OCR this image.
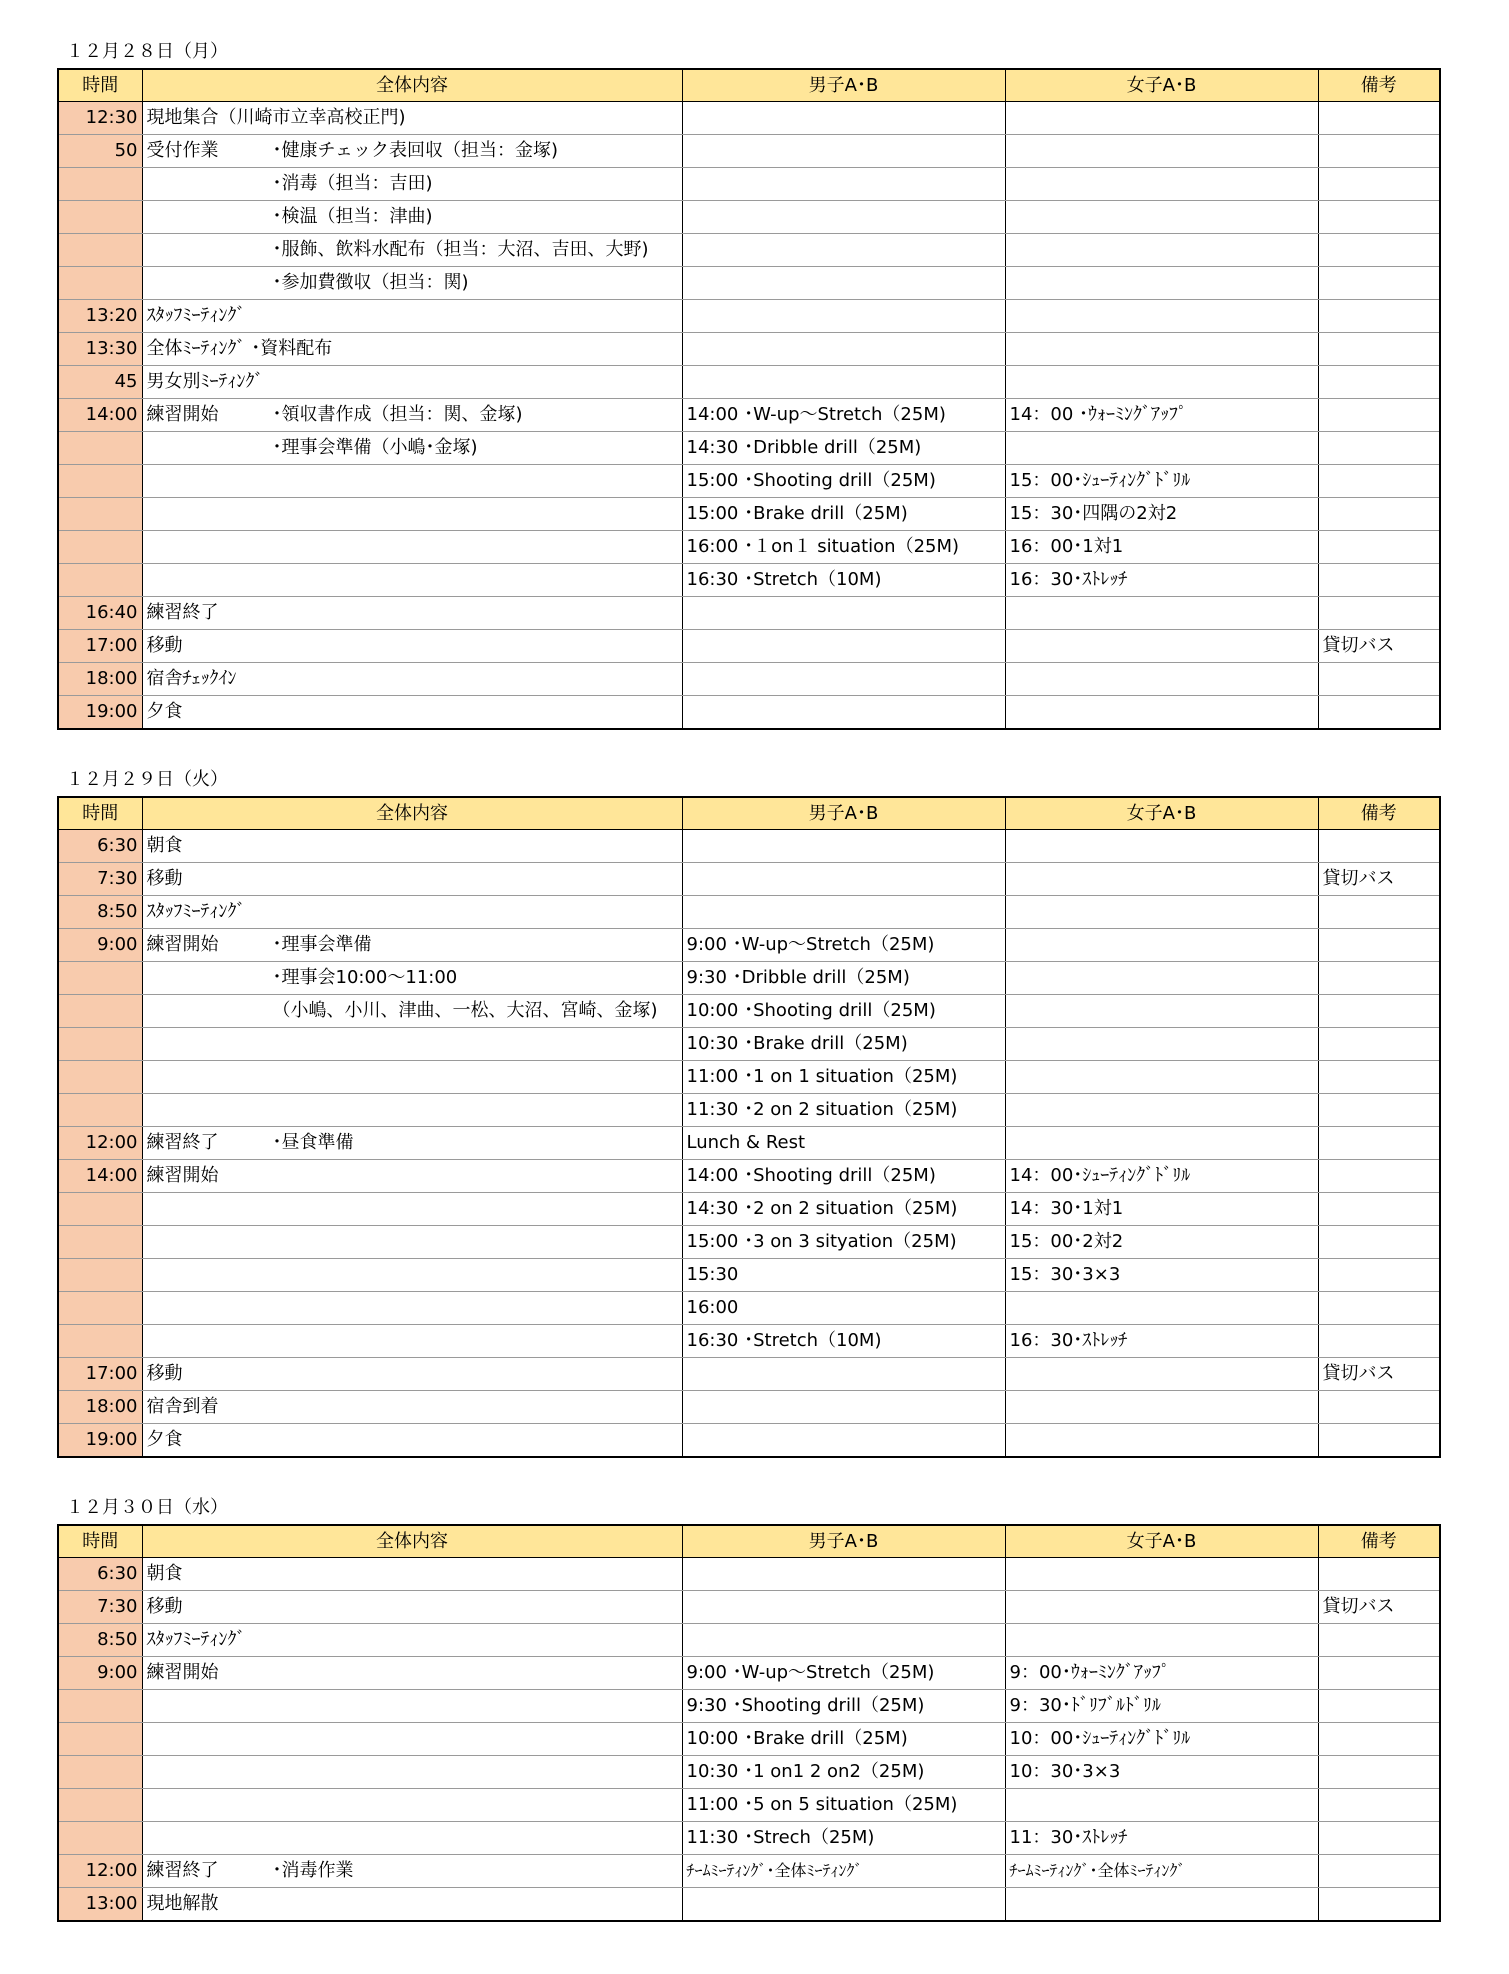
１２月２８日（月）
時間	全体内容	男子A･B	女子A･B	備考
12:30	現地集合（川崎市立幸高校正門)			
50	受付作業 ･健康チェック表回収（担当：金塚)			
	･消毒（担当：吉田)			
	･検温（担当：津曲)			
	･服飾、飲料水配布（担当：大沼、吉田、大野)			
	･参加費徴収（担当：関)			
13:20	ｽﾀｯﾌﾐｰﾃｨﾝｸﾞ			
13:30	全体ﾐｰﾃｨﾝｸﾞ ･資料配布			
45	男女別ﾐｰﾃｨﾝｸﾞ			
14:00	練習開始 ･領収書作成（担当：関、金塚)	14:00 ･W-up～Stretch（25M)	14：00 ･ｳｫｰﾐﾝｸﾞｱｯﾌﾟ	
	･理事会準備（小嶋･金塚)	14:30 ･Dribble drill（25M)		
		15:00 ･Shooting drill（25M)	15：00･ｼｭｰﾃｨﾝｸﾞﾄﾞﾘﾙ	
		15:00 ･Brake drill（25M)	15：30･四隅の2対2	
		16:00 ･１on１ situation（25M)	16：00･1対1	
		16:30 ･Stretch（10M)	16：30･ｽﾄﾚｯﾁ	
16:40	練習終了			
17:00	移動			貸切バス
18:00	宿舎ﾁｪｯｸｲﾝ			
19:00	夕食			
１２月２９日（火）
時間	全体内容	男子A･B	女子A･B	備考
6:30	朝食			
7:30	移動			貸切バス
8:50	ｽﾀｯﾌﾐｰﾃｨﾝｸﾞ			
9:00	練習開始 ･理事会準備	9:00 ･W-up～Stretch（25M)		
	･理事会10:00～11:00	9:30 ･Dribble drill（25M)		
	（小嶋、小川、津曲、一松、大沼、宮崎、金塚)	10:00 ･Shooting drill（25M)		
		10:30 ･Brake drill（25M)		
		11:00 ･1 on 1 situation（25M)		
		11:30 ･2 on 2 situation（25M)		
12:00	練習終了 ･昼食準備	Lunch & Rest		
14:00	練習開始	14:00 ･Shooting drill（25M)	14：00･ｼｭｰﾃｨﾝｸﾞﾄﾞﾘﾙ	
		14:30 ･2 on 2 situation（25M)	14：30･1対1	
		15:00 ･3 on 3 sityation（25M)	15：00･2対2	
		15:30	15：30･3×3	
		16:00		
		16:30 ･Stretch（10M)	16：30･ｽﾄﾚｯﾁ	
17:00	移動			貸切バス
18:00	宿舎到着			
19:00	夕食			
１２月３０日（水）
時間	全体内容	男子A･B	女子A･B	備考
6:30	朝食			
7:30	移動			貸切バス
8:50	ｽﾀｯﾌﾐｰﾃｨﾝｸﾞ			
9:00	練習開始	9:00 ･W-up～Stretch（25M)	9：00･ｳｫｰﾐﾝｸﾞｱｯﾌﾟ	
		9:30 ･Shooting drill（25M)	9：30･ﾄﾞﾘﾌﾞﾙﾄﾞﾘﾙ	
		10:00 ･Brake drill（25M)	10：00･ｼｭｰﾃｨﾝｸﾞﾄﾞﾘﾙ	
		10:30 ･1 on1 2 on2（25M)	10：30･3×3	
		11:00 ･5 on 5 situation（25M)		
		11:30 ･Strech（25M)	11：30･ｽﾄﾚｯﾁ	
12:00	練習終了 ･消毒作業	ﾁｰﾑﾐｰﾃｨﾝｸﾞ･全体ﾐｰﾃｨﾝｸﾞ	ﾁｰﾑﾐｰﾃｨﾝｸﾞ･全体ﾐｰﾃｨﾝｸﾞ	
13:00	現地解散			
